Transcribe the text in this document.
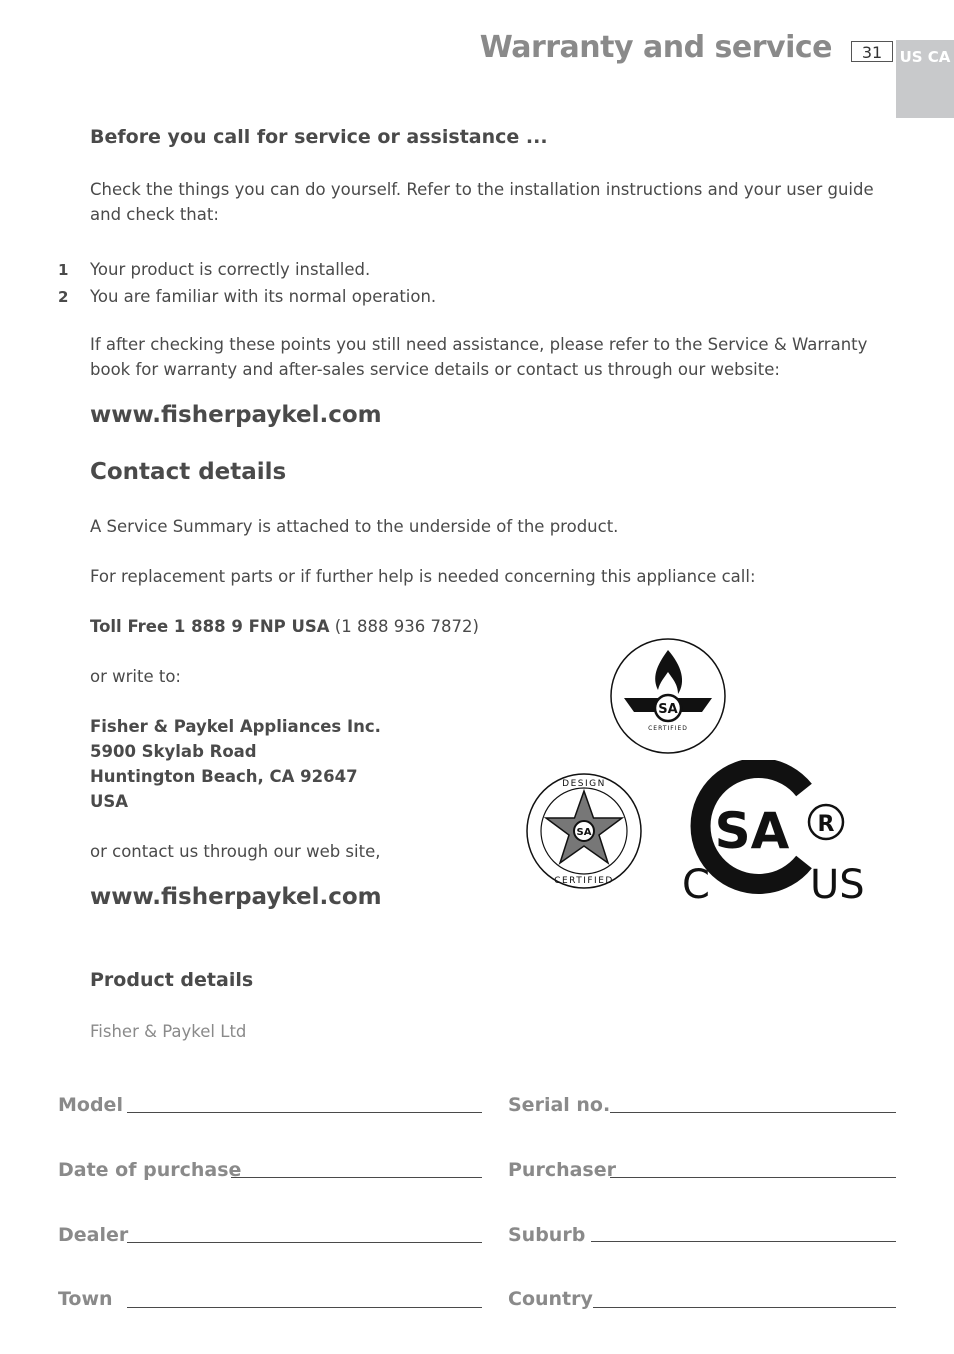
Warranty and service	31	US CA
Before you call for service or assistance ...
Check the things you can do yourself. Refer to the installation instructions and your user guide
and check that:
1 Your product is correctly installed.
2 You are familiar with its normal operation.
If after checking these points you still need assistance, please refer to the Service & Warranty
book for warranty and after-sales service details or contact us through our website:
www.fisherpaykel.com
Contact details
A Service Summary is attached to the underside of the product.
For replacement parts or if further help is needed concerning this appliance call:
Toll Free 1 888 9 FNP USA (1 888 936 7872)
or write to:
Fisher & Paykel Appliances Inc.
5900 Skylab Road
Huntington Beach, CA 92647
USA
or contact us through our web site,
www.fisherpaykel.com
SA
CERTIFIED
SA
DESIGN
CERTIFIED
SA R
C	US
Product details
Fisher & Paykel Ltd
Model	Serial no.
Date of purchase	Purchaser
Dealer	Suburb
Town	Country
